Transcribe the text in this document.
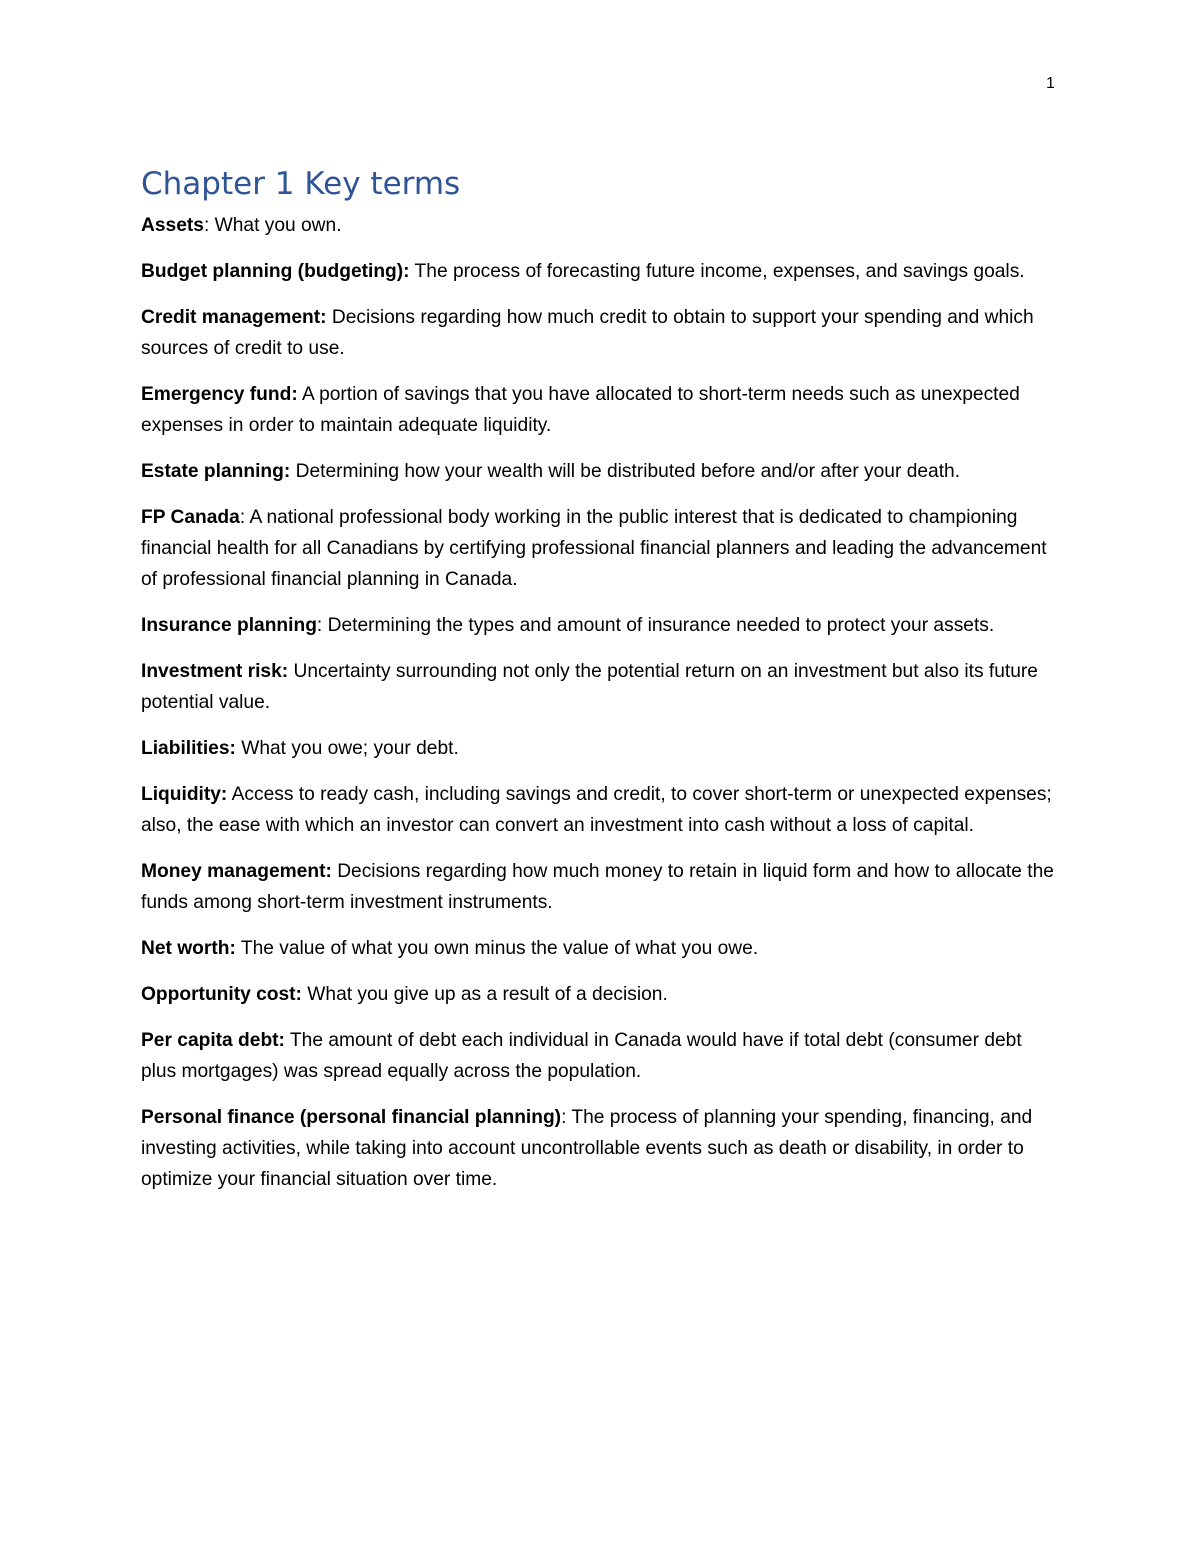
1
Chapter 1 Key terms

Assets: What you own.

Budget planning (budgeting): The process of forecasting future income, expenses, and savings goals.

Credit management: Decisions regarding how much credit to obtain to support your spending and which sources of credit to use.

Emergency fund: A portion of savings that you have allocated to short-term needs such as unexpected expenses in order to maintain adequate liquidity.

Estate planning: Determining how your wealth will be distributed before and/or after your death.

FP Canada: A national professional body working in the public interest that is dedicated to championing financial health for all Canadians by certifying professional financial planners and leading the advancement of professional financial planning in Canada.

Insurance planning: Determining the types and amount of insurance needed to protect your assets.

Investment risk: Uncertainty surrounding not only the potential return on an investment but also its future potential value.

Liabilities: What you owe; your debt.

Liquidity: Access to ready cash, including savings and credit, to cover short-term or unexpected expenses; also, the ease with which an investor can convert an investment into cash without a loss of capital.

Money management: Decisions regarding how much money to retain in liquid form and how to allocate the funds among short-term investment instruments.

Net worth: The value of what you own minus the value of what you owe.

Opportunity cost: What you give up as a result of a decision.

Per capita debt: The amount of debt each individual in Canada would have if total debt (consumer debt plus mortgages) was spread equally across the population.

Personal finance (personal financial planning): The process of planning your spending, financing, and investing activities, while taking into account uncontrollable events such as death or disability, in order to optimize your financial situation over time.
